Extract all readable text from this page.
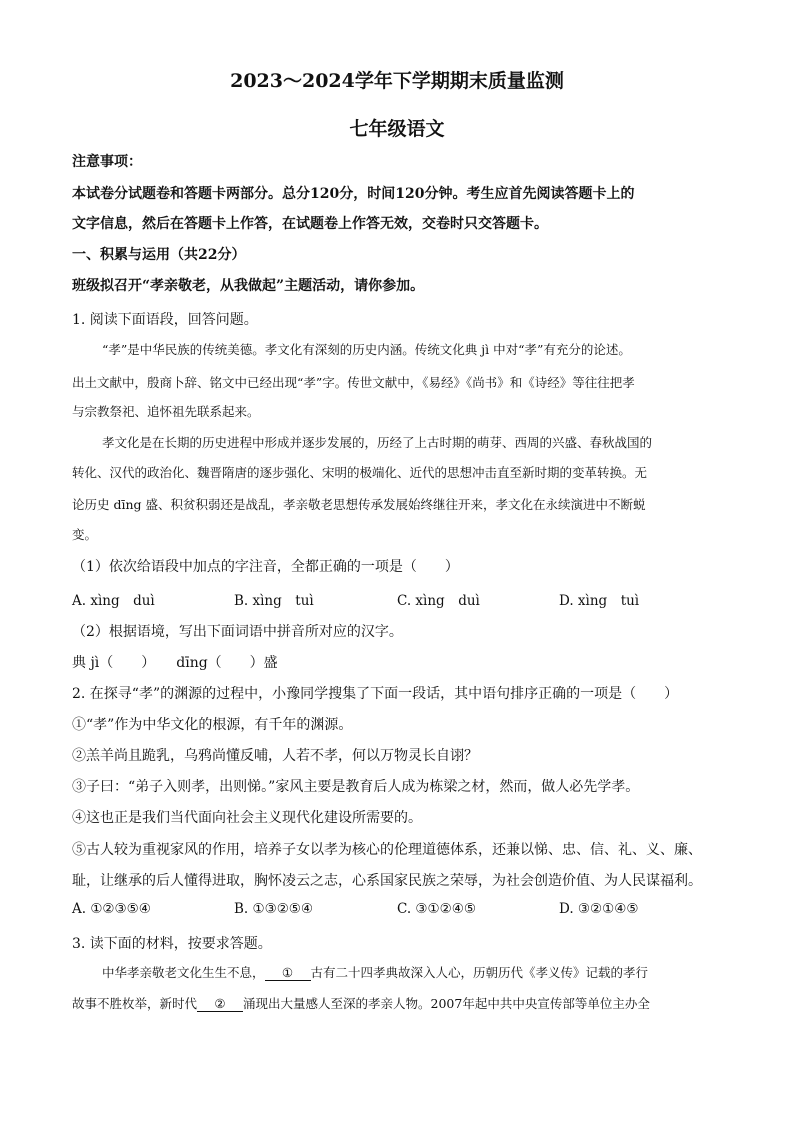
2023～2024学年下学期期末质量监测
七年级语文
注意事项：
本试卷分试题卷和答题卡两部分。总分120分，时间120分钟。考生应首先阅读答题卡上的
文字信息，然后在答题卡上作答，在试题卷上作答无效，交卷时只交答题卡。
一、积累与运用（共22分）
班级拟召开“孝亲敬老，从我做起”主题活动，请你参加。
1. 阅读下面语段，回答问题。
“孝”是中华民族的传统美德。孝文化有深刻的历史内涵。传统文化典 jì 中对“孝”有充分的论述。
出土文献中，殷商卜辞、铭文中已经出现“孝”字。传世文献中，《易经》《尚书》和《诗经》等往往把孝
与宗教祭祀、追怀祖先联系起来。
孝文化是在长期的历史进程中形成并逐步发展的，历经了上古时期的萌芽、西周的兴盛、春秋战国的
转化、汉代的政治化、魏晋隋唐的逐步强化、宋明的极端化、近代的思想冲击直至新时期的变革转换。无
论历史 dīng 盛、积贫积弱还是战乱，孝亲敬老思想传承发展始终继往开来，孝文化在永续演进中不断蜕
变。
（1）依次给语段中加点的字注音，全都正确的一项是（　　）
A. xìng　duì	B. xìng　tuì	C. xìng　duì	D. xìng　tuì
（2）根据语境，写出下面词语中拼音所对应的汉字。
典 jì（　　）　　dīng（　　）盛
2. 在探寻“孝”的渊源的过程中，小豫同学搜集了下面一段话，其中语句排序正确的一项是（　　）
①“孝”作为中华文化的根源，有千年的渊源。
②羔羊尚且跪乳，乌鸦尚懂反哺，人若不孝，何以万物灵长自诩？
③子曰：“弟子入则孝，出则悌。”家风主要是教育后人成为栋梁之材，然而，做人必先学孝。
④这也正是我们当代面向社会主义现代化建设所需要的。
⑤古人较为重视家风的作用，培养子女以孝为核心的伦理道德体系，还兼以悌、忠、信、礼、义、廉、
耻，让继承的后人懂得进取，胸怀凌云之志，心系国家民族之荣辱，为社会创造价值、为人民谋福利。
A. ①②③⑤④	B. ①③②⑤④	C. ③①②④⑤	D. ③②①④⑤
3. 读下面的材料，按要求答题。
中华孝亲敬老文化生生不息， ① 古有二十四孝典故深入人心，历朝历代《孝义传》记载的孝行
故事不胜枚举，新时代 ② 涌现出大量感人至深的孝亲人物。2007年起中共中央宣传部等单位主办全
